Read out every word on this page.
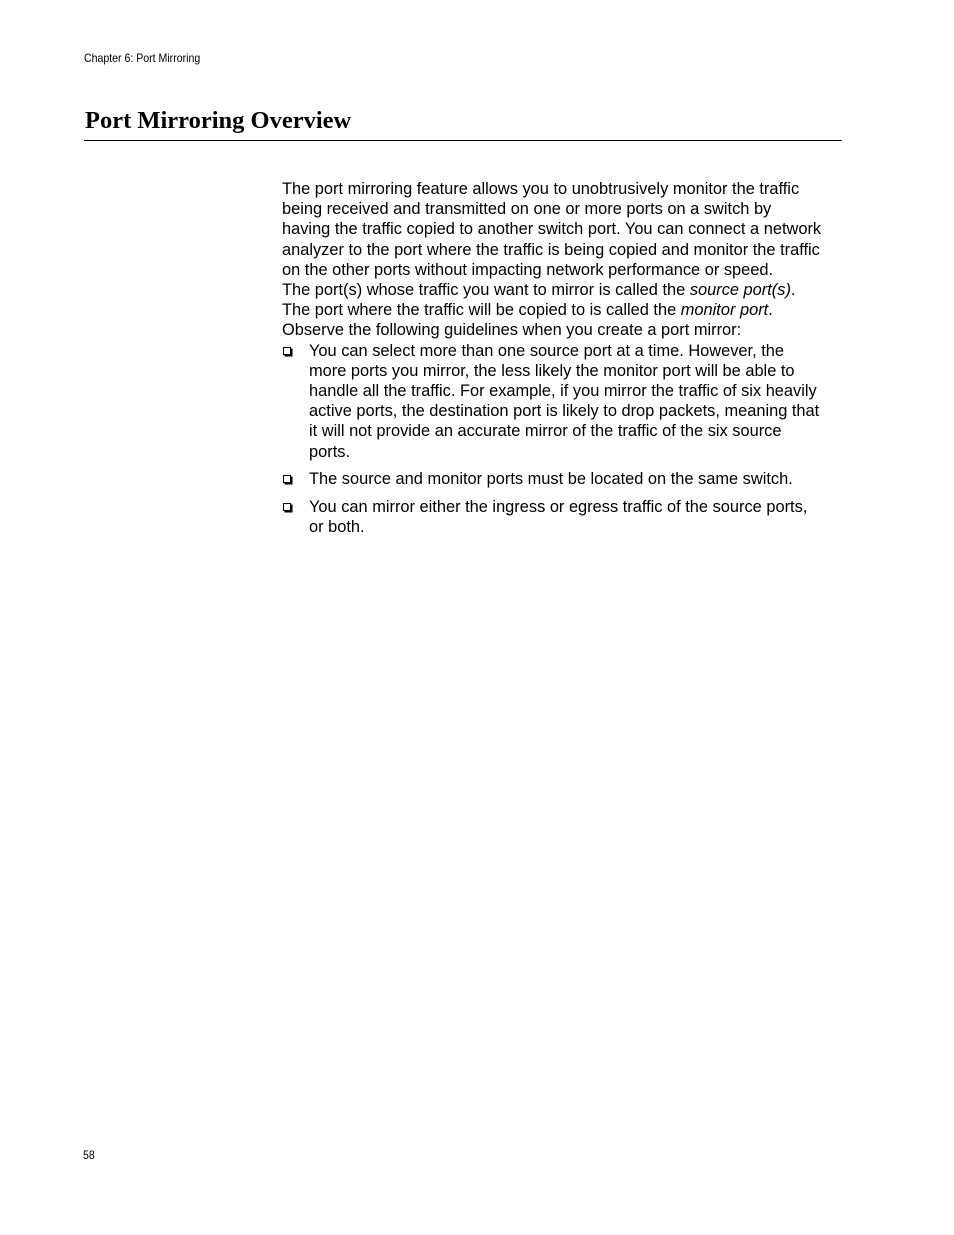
Chapter 6: Port Mirroring
Port Mirroring Overview

The port mirroring feature allows you to unobtrusively monitor the traffic
being received and transmitted on one or more ports on a switch by
having the traffic copied to another switch port. You can connect a network
analyzer to the port where the traffic is being copied and monitor the traffic
on the other ports without impacting network performance or speed.

The port(s) whose traffic you want to mirror is called the source port(s).
The port where the traffic will be copied to is called the monitor port.

Observe the following guidelines when you create a port mirror:

You can select more than one source port at a time. However, the
more ports you mirror, the less likely the monitor port will be able to
handle all the traffic. For example, if you mirror the traffic of six heavily
active ports, the destination port is likely to drop packets, meaning that
it will not provide an accurate mirror of the traffic of the six source
ports.
The source and monitor ports must be located on the same switch.
You can mirror either the ingress or egress traffic of the source ports,
or both.
58
